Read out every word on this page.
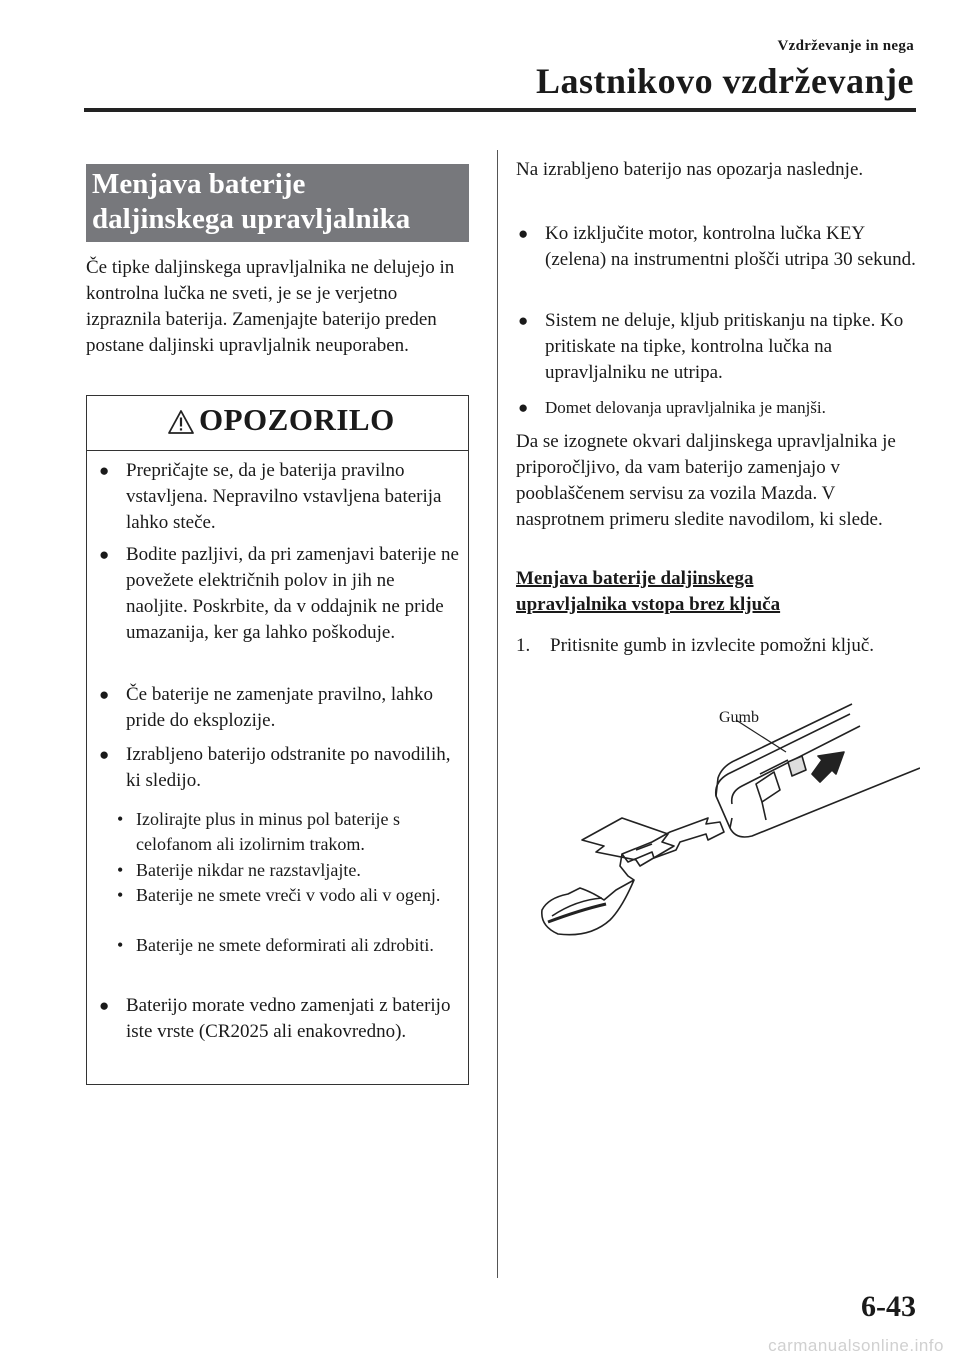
Vzdrževanje in nega
Lastnikovo vzdrževanje
Menjava baterije
daljinskega upravljalnika
Če tipke daljinskega upravljalnika ne delujejo in kontrolna lučka ne sveti, je se je verjetno izpraznila baterija. Zamenjajte baterijo preden postane daljinski upravljalnik neuporaben.
OPOZORILO
● Prepričajte se, da je baterija pravilno vstavljena. Nepravilno vstavljena baterija lahko steče.
● Bodite pazljivi, da pri zamenjavi baterije ne povežete električnih polov in jih ne naoljite. Poskrbite, da v oddajnik ne pride umazanija, ker ga lahko poškoduje.
● Če baterije ne zamenjate pravilno, lahko pride do eksplozije.
● Izrabljeno baterijo odstranite po navodilih, ki sledijo.
• Izolirajte plus in minus pol baterije s celofanom ali izolirnim trakom.
• Baterije nikdar ne razstavljajte.
• Baterije ne smete vreči v vodo ali v ogenj.
• Baterije ne smete deformirati ali zdrobiti.
● Baterijo morate vedno zamenjati z baterijo iste vrste (CR2025 ali enakovredno).
Na izrabljeno baterijo nas opozarja naslednje.
● Ko izključite motor, kontrolna lučka KEY (zelena) na instrumentni plošči utripa 30 sekund.
● Sistem ne deluje, kljub pritiskanju na tipke. Ko pritiskate na tipke, kontrolna lučka na upravljalniku ne utripa.
● Domet delovanja upravljalnika je manjši.
Da se izognete okvari daljinskega upravljalnika je priporočljivo, da vam baterijo zamenjajo v pooblaščenem servisu za vozila Mazda. V nasprotnem primeru sledite navodilom, ki slede.
Menjava baterije daljinskega
upravljalnika vstopa brez ključa
1. Pritisnite gumb in izvlecite pomožni ključ.
Gumb
6-43
carmanualsonline.info
